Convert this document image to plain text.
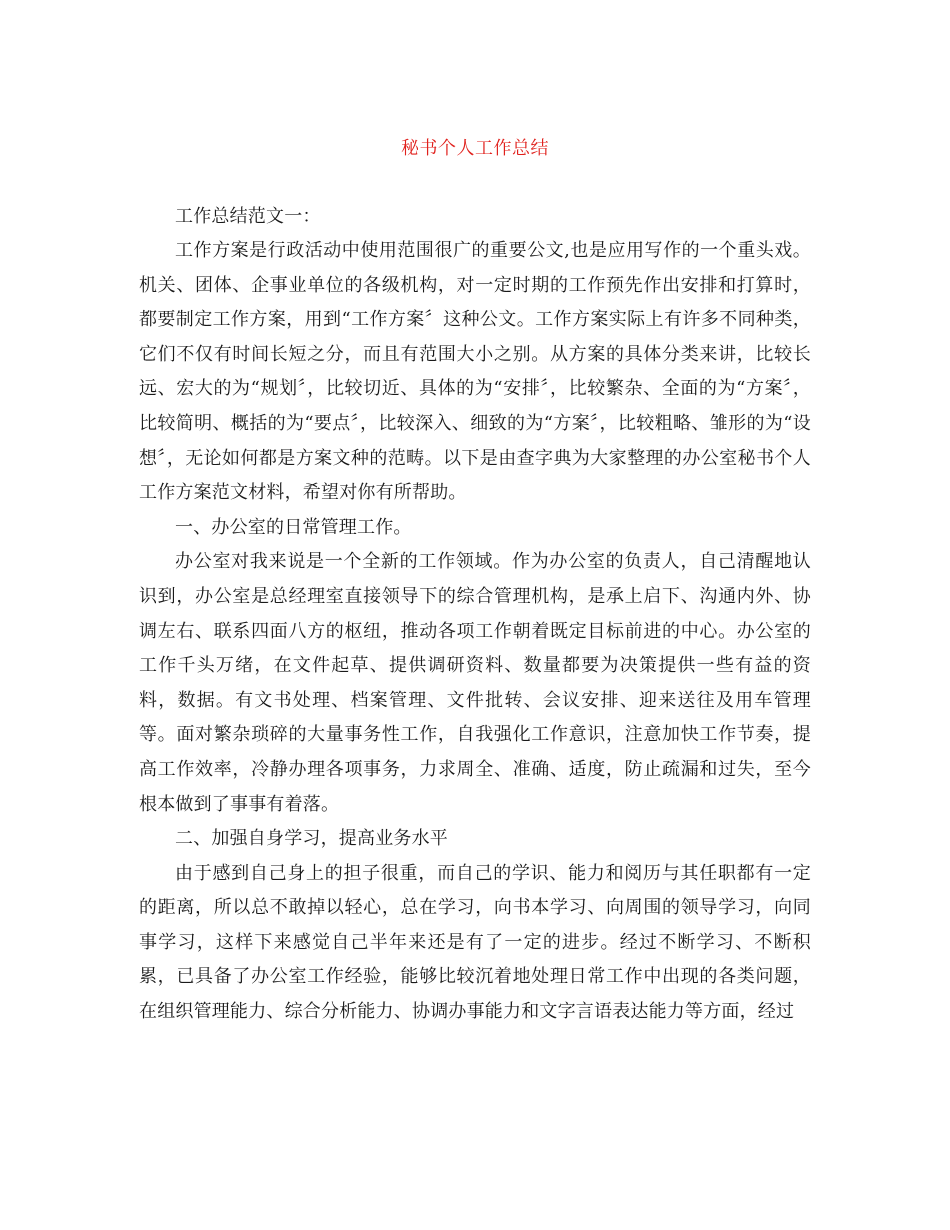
秘书个人工作总结

工作总结范文一：

工作方案是行政活动中使用范围很广的重要公文,也是应用写作的一个重头戏。机关、团体、企事业单位的各级机构，对一定时期的工作预先作出安排和打算时，都要制定工作方案，用到“工作方案〞这种公文。工作方案实际上有许多不同种类，它们不仅有时间长短之分，而且有范围大小之别。从方案的具体分类来讲，比较长远、宏大的为“规划〞，比较切近、具体的为“安排〞，比较繁杂、全面的为“方案〞，比较简明、概括的为“要点〞，比较深入、细致的为“方案〞，比较粗略、雏形的为“设想〞，无论如何都是方案文种的范畴。以下是由查字典为大家整理的办公室秘书个人工作方案范文材料，希望对你有所帮助。

一、办公室的日常管理工作。

办公室对我来说是一个全新的工作领域。作为办公室的负责人，自己清醒地认识到，办公室是总经理室直接领导下的综合管理机构，是承上启下、沟通内外、协调左右、联系四面八方的枢纽，推动各项工作朝着既定目标前进的中心。办公室的工作千头万绪，在文件起草、提供调研资料、数量都要为决策提供一些有益的资料，数据。有文书处理、档案管理、文件批转、会议安排、迎来送往及用车管理等。面对繁杂琐碎的大量事务性工作，自我强化工作意识，注意加快工作节奏，提高工作效率，冷静办理各项事务，力求周全、准确、适度，防止疏漏和过失，至今根本做到了事事有着落。

二、加强自身学习，提高业务水平

由于感到自己身上的担子很重，而自己的学识、能力和阅历与其任职都有一定的距离，所以总不敢掉以轻心，总在学习，向书本学习、向周围的领导学习，向同事学习，这样下来感觉自己半年来还是有了一定的进步。经过不断学习、不断积累，已具备了办公室工作经验，能够比较沉着地处理日常工作中出现的各类问题，在组织管理能力、综合分析能力、协调办事能力和文字言语表达能力等方面，经过
